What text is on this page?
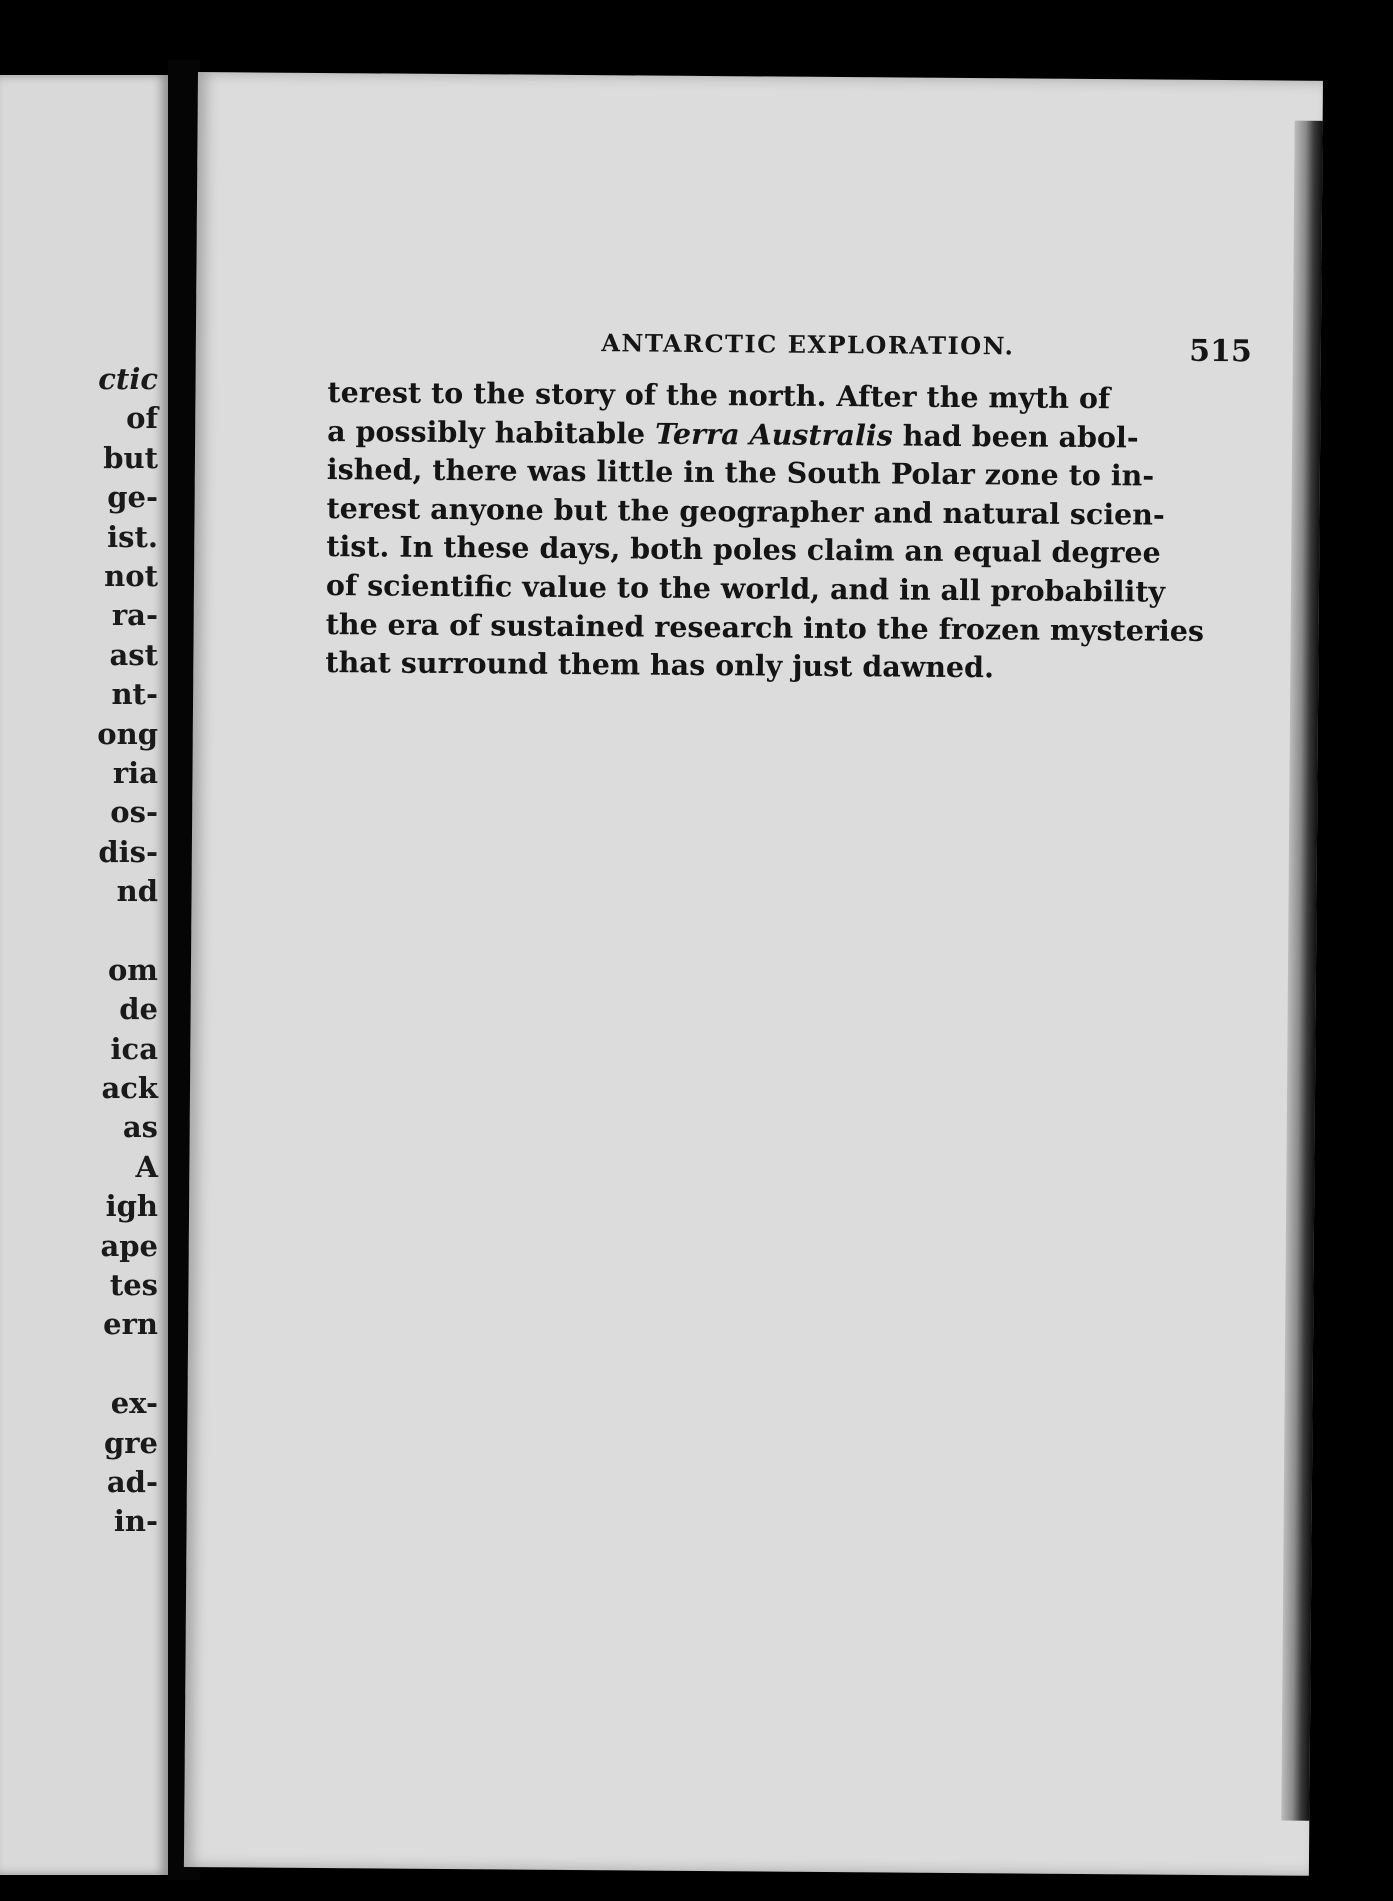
ctic
of
but
ge-
ist.
not
ra-
ast
nt-
ong
ria
os-
dis-
nd
om
de
ica
ack
as
A
igh
ape
tes
ern
ex-
gre
ad-
in-
ANTARCTIC EXPLORATION.	515
terest to the story of the north. After the myth of
a possibly habitable Terra Australis had been abol-
ished, there was little in the South Polar zone to in-
terest anyone but the geographer and natural scien-
tist. In these days, both poles claim an equal degree
of scientific value to the world, and in all probability
the era of sustained research into the frozen mysteries
that surround them has only just dawned.
